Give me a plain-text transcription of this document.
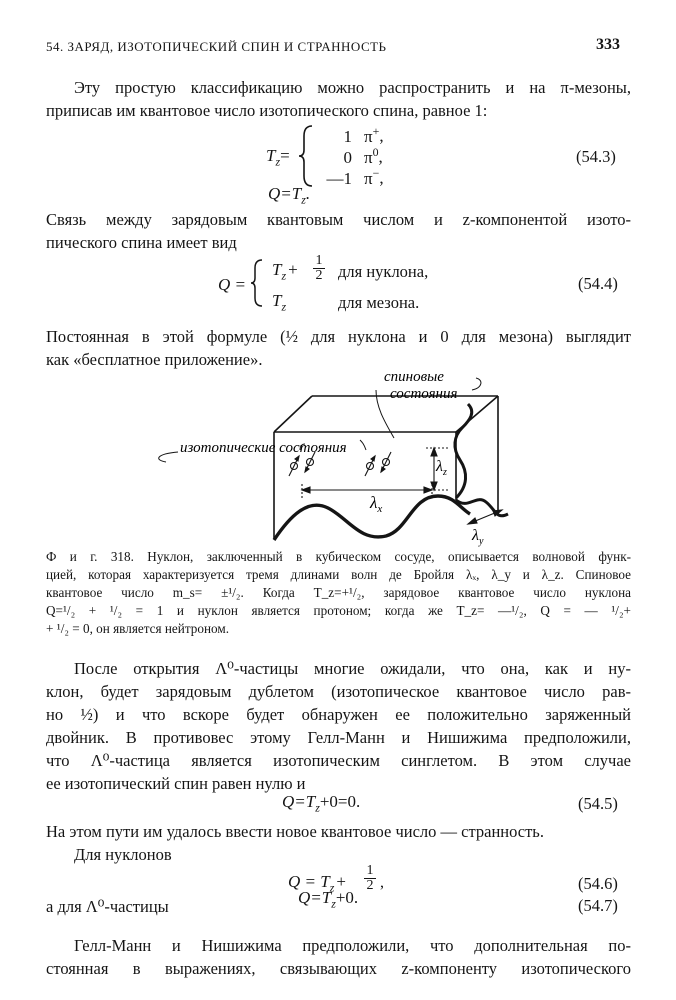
54. ЗАРЯД, ИЗОТОПИЧЕСКИЙ СПИН И СТРАННОСТЬ	333
Эту простую классификацию можно распространить и на π-мезоны,
приписав им квантовое число изотопического спина, равное 1:
$T_z=$
1 π+,
0 $\pi^0$,
—1 π−,
$Q=T_z$.
(54.3)
Связь между зарядовым квантовым числом и z-компонентой изото-
пического спина имеет вид
Q =
$T_z + 1$
2 для нуклона,
$T_z$	для мезона.
(54.4)
Постоянная в этой формуле (½ для нуклона и 0 для мезона) выглядит
как «бесплатное приложение».
$\lambda_x$
$\lambda_z$
$\lambda_y$
спиновые
состояния
изотопические состояния
Ф и г. 318. Нуклон, заключенный в кубическом сосуде, описывается волновой функ-
цией, которая характеризуется тремя длинами волн де Бройля λₓ, λ_y и λ_z. Спиновое
квантовое число m_s= ±¹/₂. Когда T_z=+¹/₂, зарядовое квантовое число нуклона
Q=¹/₂ + ¹/₂ = 1 и нуклон является протоном; когда же T_z= —¹/₂, Q = — ¹/₂+
+ ¹/₂ = 0, он является нейтроном.
После открытия Λ⁰-частицы многие ожидали, что она, как и ну-
клон, будет зарядовым дублетом (изотопическое квантовое число рав-
но ½) и что вскоре будет обнаружен ее положительно заряженный
двойник. В противовес этому Гелл-Манн и Нишижима предположили,
что Λ⁰-частица является изотопическим синглетом. В этом случае
ее изотопический спин равен нулю и
$Q=T_z+0=0$.	(54.5)
На этом пути им удалось ввести новое квантовое число — странность.
Для нуклонов
$Q = T_z$ +
1
2 ,	(54.6)
а для Λ⁰-частицы	$Q=T_z+0$.	(54.7)
Гелл-Манн и Нишижима предположили, что дополнительная по-
стоянная в выражениях, связывающих z-компоненту изотопического
